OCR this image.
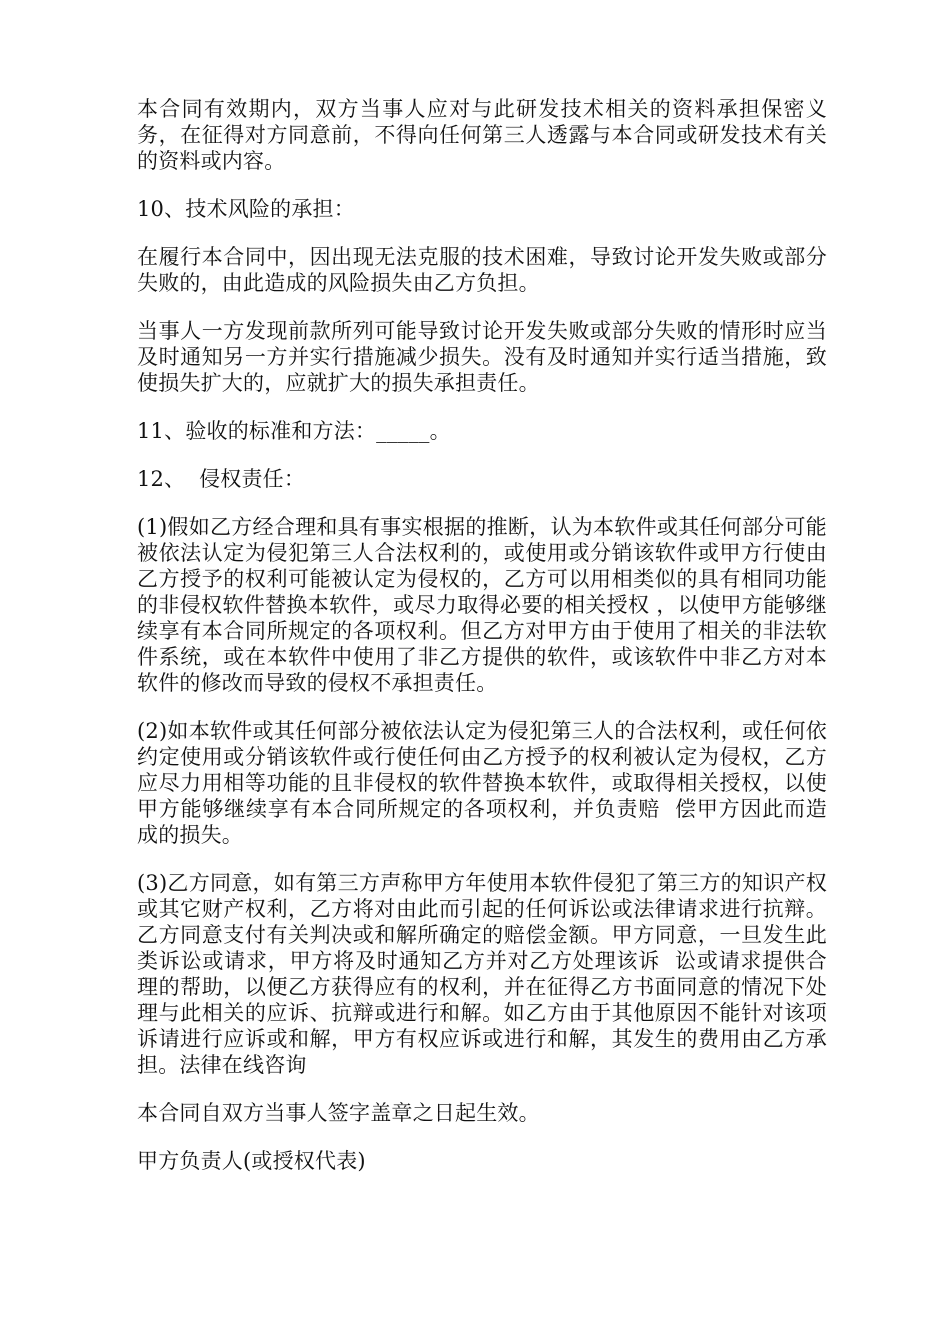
本合同有效期内，双方当事人应对与此研发技术相关的资料承担保密义务，在征得对方同意前，不得向任何第三人透露与本合同或研发技术有关的资料或内容。

10、技术风险的承担：

在履行本合同中，因出现无法克服的技术困难，导致讨论开发失败或部分失败的，由此造成的风险损失由乙方负担。

当事人一方发现前款所列可能导致讨论开发失败或部分失败的情形时应当及时通知另一方并实行措施减少损失。没有及时通知并实行适当措施，致使损失扩大的，应就扩大的损失承担责任。

11、验收的标准和方法：_____。

12、  侵权责任：

(1)假如乙方经合理和具有事实根据的推断，认为本软件或其任何部分可能被依法认定为侵犯第三人合法权利的，或使用或分销该软件或甲方行使由乙方授予的权利可能被认定为侵权的，乙方可以用相类似的具有相同功能的非侵权软件替换本软件，或尽力取得必要的相关授权 ，以使甲方能够继续享有本合同所规定的各项权利。但乙方对甲方由于使用了相关的非法软件系统，或在本软件中使用了非乙方提供的软件，或该软件中非乙方对本软件的修改而导致的侵权不承担责任。

(2)如本软件或其任何部分被依法认定为侵犯第三人的合法权利，或任何依约定使用或分销该软件或行使任何由乙方授予的权利被认定为侵权，乙方应尽力用相等功能的且非侵权的软件替换本软件，或取得相关授权，以使甲方能够继续享有本合同所规定的各项权利，并负责赔  偿甲方因此而造成的损失。

(3)乙方同意，如有第三方声称甲方年使用本软件侵犯了第三方的知识产权或其它财产权利，乙方将对由此而引起的任何诉讼或法律请求进行抗辩。乙方同意支付有关判决或和解所确定的赔偿金额。甲方同意，一旦发生此类诉讼或请求，甲方将及时通知乙方并对乙方处理该诉  讼或请求提供合理的帮助，以便乙方获得应有的权利，并在征得乙方书面同意的情况下处理与此相关的应诉、抗辩或进行和解。如乙方由于其他原因不能针对该项诉请进行应诉或和解，甲方有权应诉或进行和解，其发生的费用由乙方承担。法律在线咨询

本合同自双方当事人签字盖章之日起生效。

甲方负责人(或授权代表)
